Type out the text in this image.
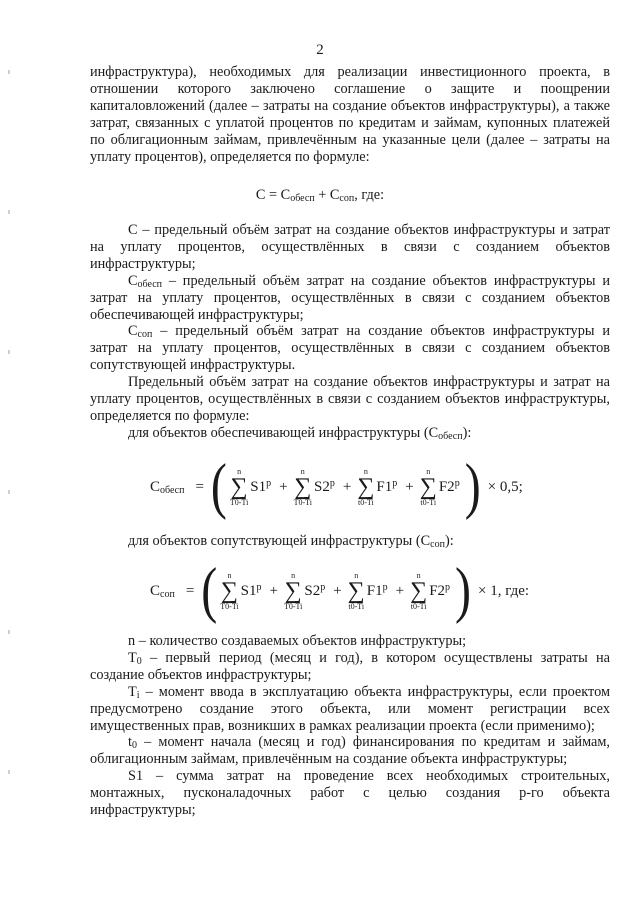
2

инфраструктура), необходимых для реализации инвестиционного проекта, в отношении которого заключено соглашение о защите и поощрении капиталовложений (далее – затраты на создание объектов инфраструктуры), а также затрат, связанных с уплатой процентов по кредитам и займам, купонных платежей по облигационным займам, привлечённым на указанные цели (далее – затраты на уплату процентов), определяется по формуле:

$C = C_{обесп} + C_{соп}$, где:

C – предельный объём затрат на создание объектов инфраструктуры и затрат на уплату процентов, осуществлённых в связи с созданием объектов инфраструктуры;

$C_{обесп}$ – предельный объём затрат на создание объектов инфраструктуры и затрат на уплату процентов, осуществлённых в связи с созданием объектов обеспечивающей инфраструктуры;

$C_{соп}$ – предельный объём затрат на создание объектов инфраструктуры и затрат на уплату процентов, осуществлённых в связи с созданием объектов сопутствующей инфраструктуры.

Предельный объём затрат на создание объектов инфраструктуры и затрат на уплату процентов, осуществлённых в связи с созданием объектов инфраструктуры, определяется по формуле:

для объектов обеспечивающей инфраструктуры $(C_{обесп})$:

$C_{обесп}$ = ( n
∑
T0-Ti
$S1^p$ +
n
∑
T0-Ti
$S2^p$ +
n
∑
t0-Ti
$F1^p$ +
n
∑
t0-Ti
F2$^p$ ) × 0,5;

для объектов сопутствующей инфраструктуры $(C_{соп})$:

$C_{соп}$ = ( n
∑
T0-Ti
$S1^p$ +
n
∑
T0-Ti
$S2^p$ +
n
∑
t0-Ti
$F1^p$ +
n
∑
t0-Ti
F2$^p$ ) × 1, где:

n – количество создаваемых объектов инфраструктуры;

$T_0$ – первый период (месяц и год), в котором осуществлены затраты на создание объектов инфраструктуры;

$T_i$ – момент ввода в эксплуатацию объекта инфраструктуры, если проектом предусмотрено создание этого объекта, или момент регистрации всех имущественных прав, возникших в рамках реализации проекта (если применимо);

$t_0$ – момент начала (месяц и год) финансирования по кредитам и займам, облигационным займам, привлечённым на создание объекта инфраструктуры;

S1 – сумма затрат на проведение всех необходимых строительных, монтажных, пусконаладочных работ с целью создания p-го объекта инфраструктуры;
